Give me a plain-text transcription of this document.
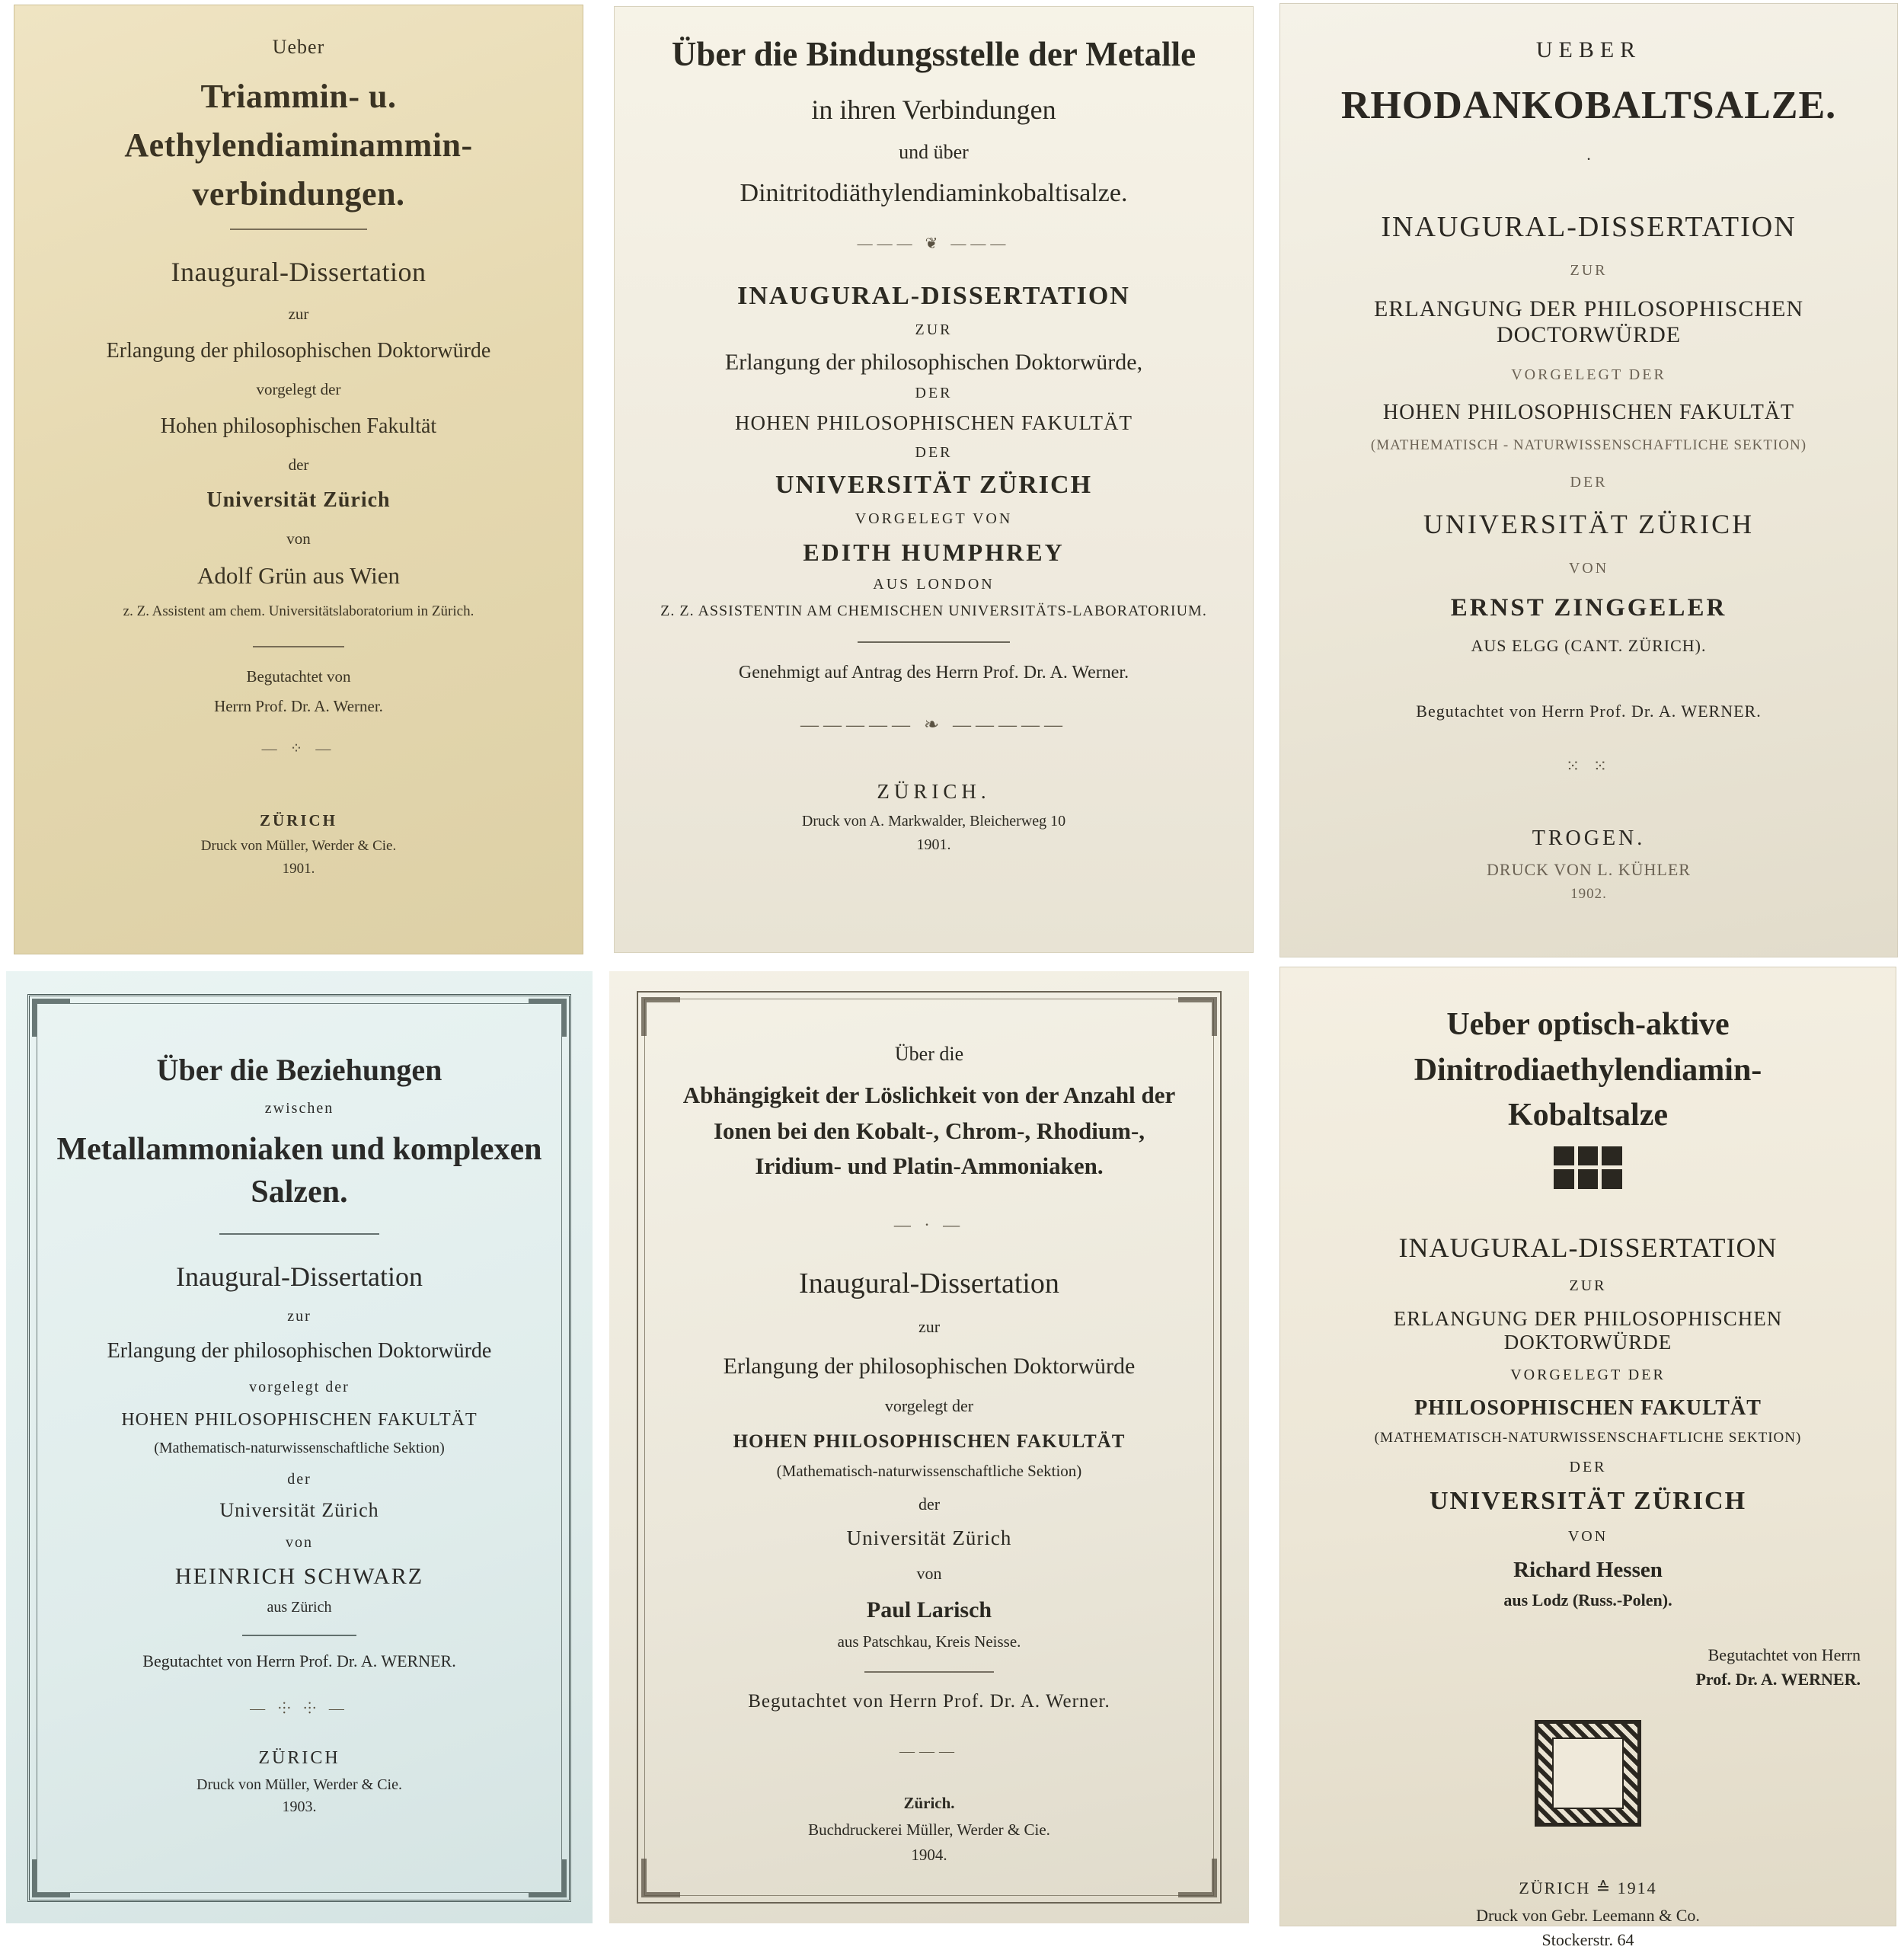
Ueber
Triammin- u. Aethylendiaminammin-
verbindungen.
Inaugural-Dissertation
zur
Erlangung der philosophischen Doktorwürde
vorgelegt der
Hohen philosophischen Fakultät
der
Universität Zürich
von
Adolf Grün aus Wien
z. Z. Assistent am chem. Universitätslaboratorium in Zürich.
Begutachtet von
Herrn Prof. Dr. A. Werner.
— ⁘ —
ZÜRICH
Druck von Müller, Werder & Cie.
1901.
Über die Bindungsstelle der Metalle
in ihren Verbindungen
und über
Dinitritodiäthylendiaminkobaltisalze.
——— ❦ ———
INAUGURAL-DISSERTATION
ZUR
Erlangung der philosophischen Doktorwürde,
DER
HOHEN PHILOSOPHISCHEN FAKULTÄT
DER
UNIVERSITÄT ZÜRICH
VORGELEGT VON
EDITH HUMPHREY
AUS LONDON
Z. Z. ASSISTENTIN AM CHEMISCHEN UNIVERSITÄTS-LABORATORIUM.
Genehmigt auf Antrag des Herrn Prof. Dr. A. Werner.
————— ❧ —————
ZÜRICH.
Druck von A. Markwalder, Bleicherweg 10
1901.
UEBER
RHODANKOBALTSALZE.
·
INAUGURAL-DISSERTATION
ZUR
ERLANGUNG DER PHILOSOPHISCHEN DOCTORWÜRDE
VORGELEGT DER
HOHEN PHILOSOPHISCHEN FAKULTÄT
(MATHEMATISCH - NATURWISSENSCHAFTLICHE SEKTION)
DER
UNIVERSITÄT ZÜRICH
VON
ERNST ZINGGELER
AUS ELGG (CANT. ZÜRICH).
Begutachtet von Herrn Prof. Dr. A. WERNER.
⁙ ⁙
TROGEN.
DRUCK VON L. KÜHLER
1902.
Über die Beziehungen
zwischen
Metallammoniaken und komplexen
Salzen.
Inaugural-Dissertation
zur
Erlangung der philosophischen Doktorwürde
vorgelegt der
HOHEN PHILOSOPHISCHEN FAKULTÄT
(Mathematisch-naturwissenschaftliche Sektion)
der
Universität Zürich
von
HEINRICH SCHWARZ
aus Zürich
Begutachtet von Herrn Prof. Dr. A. WERNER.
— ⸭ ⸭ —
ZÜRICH
Druck von Müller, Werder & Cie.
1903.
Über die
Abhängigkeit der Löslichkeit von der Anzahl der
Ionen bei den Kobalt-, Chrom-, Rhodium-,
Iridium- und Platin-Ammoniaken.
— · —
Inaugural-Dissertation
zur
Erlangung der philosophischen Doktorwürde
vorgelegt der
HOHEN PHILOSOPHISCHEN FAKULTÄT
(Mathematisch-naturwissenschaftliche Sektion)
der
Universität Zürich
von
Paul Larisch
aus Patschkau, Kreis Neisse.
Begutachtet von Herrn Prof. Dr. A. Werner.
———
Zürich.
Buchdruckerei Müller, Werder & Cie.
1904.
Ueber optisch-aktive
Dinitrodiaethylendiamin-
Kobaltsalze
INAUGURAL-DISSERTATION
ZUR
ERLANGUNG DER PHILOSOPHISCHEN DOKTORWÜRDE
VORGELEGT DER
PHILOSOPHISCHEN FAKULTÄT
(MATHEMATISCH-NATURWISSENSCHAFTLICHE SEKTION)
DER
UNIVERSITÄT ZÜRICH
VON
Richard Hessen
aus Lodz (Russ.-Polen).
Begutachtet von Herrn
Prof. Dr. A. WERNER.
ZÜRICH ≙ 1914
Druck von Gebr. Leemann & Co.
Stockerstr. 64
